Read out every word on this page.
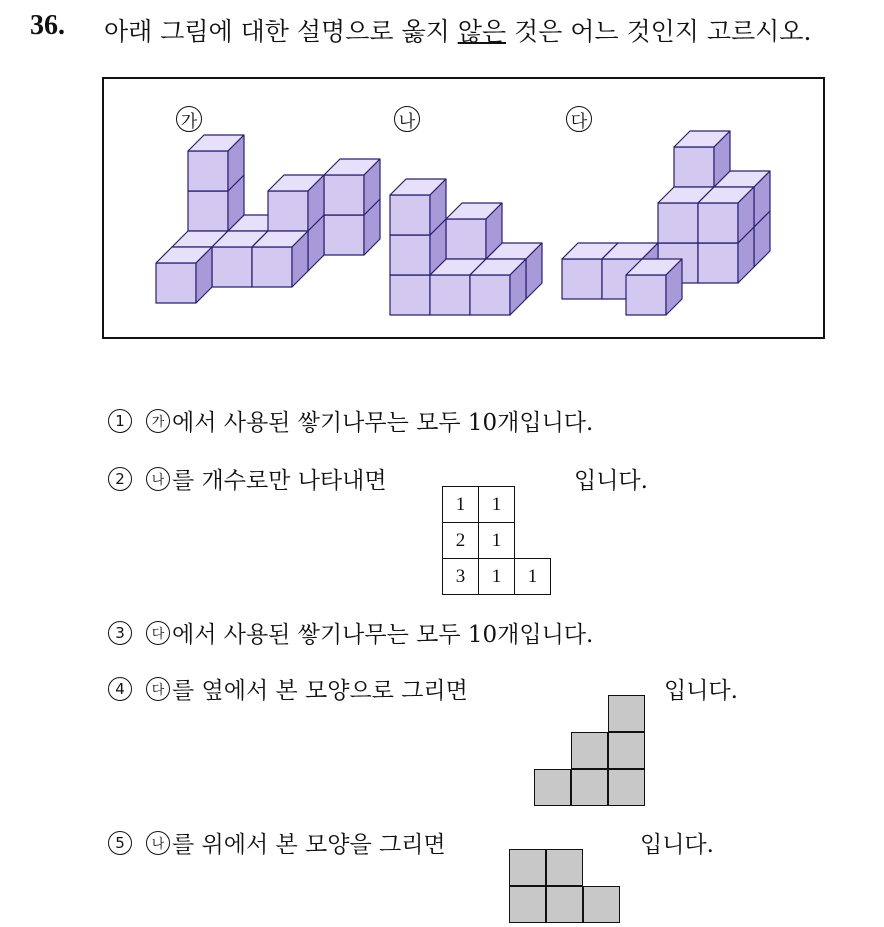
36. 아래 그림에 대한 설명으로 옳지 않은 것은 어느 것인지 고르시오.
가	나	다
1	가 에서 사용된 쌓기나무는 모두 10개입니다.
2	나 를 개수로만 나타내면	입니다.
1	1	
2	1	
3	1	1
3	다 에서 사용된 쌓기나무는 모두 10개입니다.
4	다 를 옆에서 본 모양으로 그리면	입니다.
5	나 를 위에서 본 모양을 그리면	입니다.
